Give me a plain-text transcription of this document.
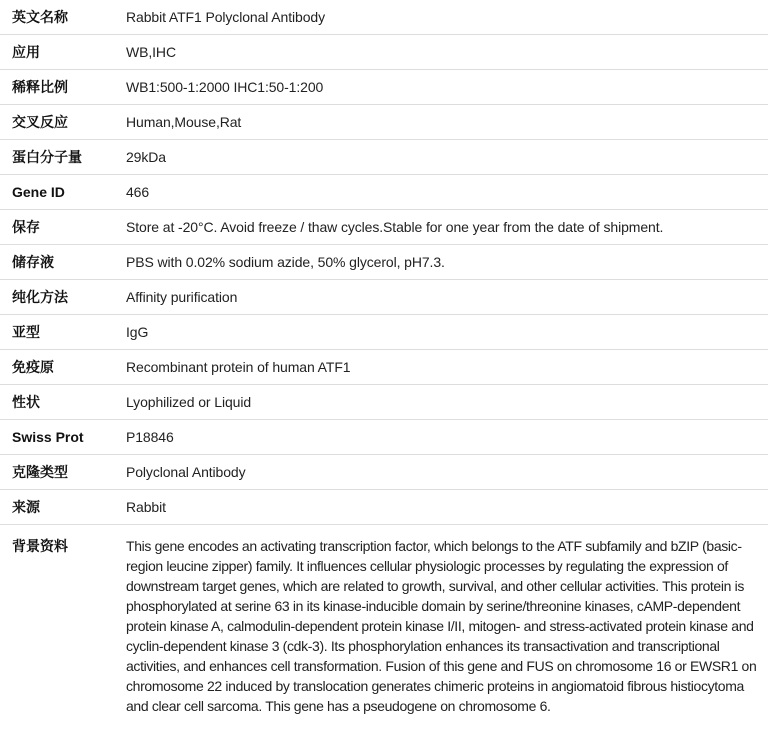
英文名称	Rabbit ATF1 Polyclonal Antibody
应用	WB,IHC
稀释比例	WB1:500-1:2000 IHC1:50-1:200
交叉反应	Human,Mouse,Rat
蛋白分子量	29kDa
Gene ID	466
保存	Store at -20°C. Avoid freeze / thaw cycles.Stable for one year from the date of shipment.
储存液	PBS with 0.02% sodium azide, 50% glycerol, pH7.3.
纯化方法	Affinity purification
亚型	IgG
免疫原	Recombinant protein of human ATF1
性状	Lyophilized or Liquid
Swiss Prot	P18846
克隆类型	Polyclonal Antibody
来源	Rabbit
背景资料	This gene encodes an activating transcription factor, which belongs to the ATF subfamily and bZIP (basic-region leucine zipper) family. It influences cellular physiologic processes by regulating the expression of downstream target genes, which are related to growth, survival, and other cellular activities. This protein is phosphorylated at serine 63 in its kinase-inducible domain by serine/threonine kinases, cAMP-dependent protein kinase A, calmodulin-dependent protein kinase I/II, mitogen- and stress-activated protein kinase and cyclin-dependent kinase 3 (cdk-3). Its phosphorylation enhances its transactivation and transcriptional activities, and enhances cell transformation. Fusion of this gene and FUS on chromosome 16 or EWSR1 on chromosome 22 induced by translocation generates chimeric proteins in angiomatoid fibrous histiocytoma and clear cell sarcoma. This gene has a pseudogene on chromosome 6.
